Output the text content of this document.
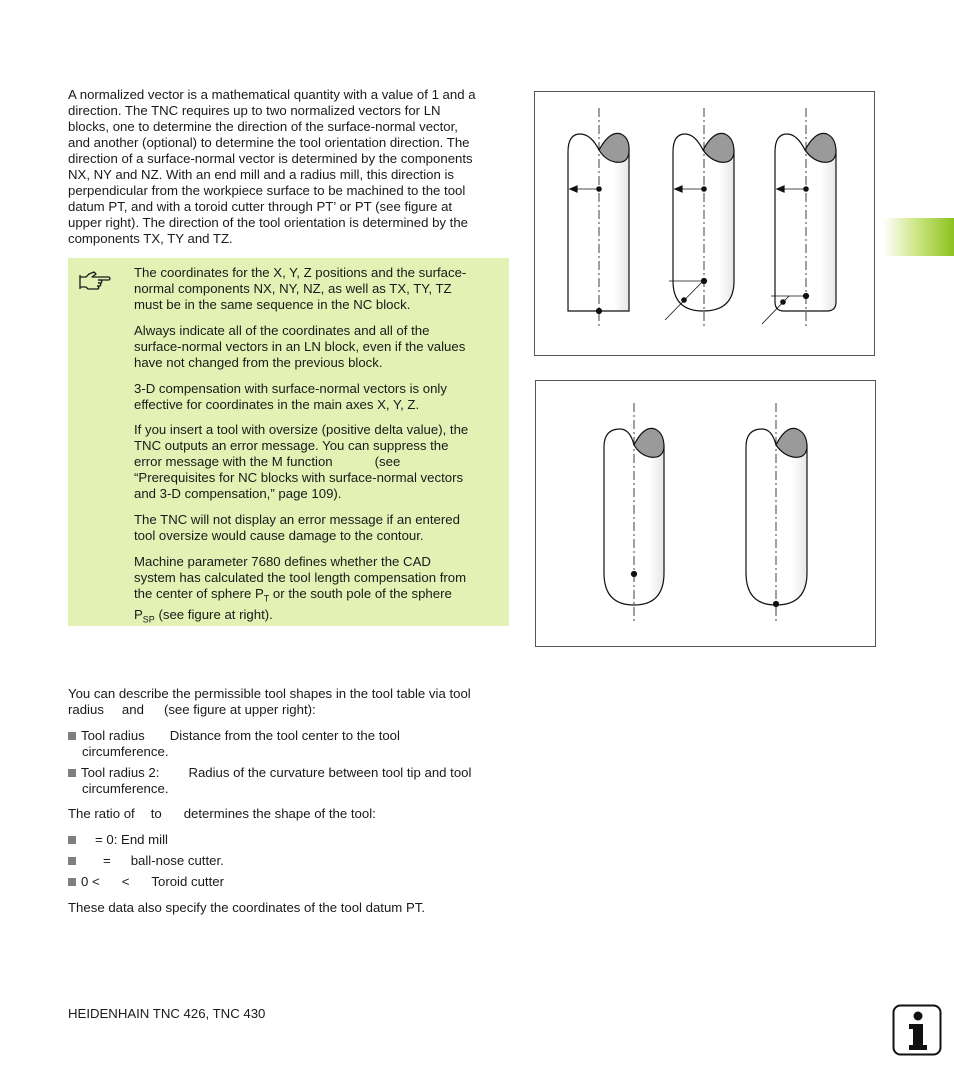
A normalized vector is a mathematical quantity with a value of 1 and a
direction. The TNC requires up to two normalized vectors for LN
blocks, one to determine the direction of the surface-normal vector,
and another (optional) to determine the tool orientation direction. The
direction of a surface-normal vector is determined by the components
NX, NY and NZ. With an end mill and a radius mill, this direction is
perpendicular from the workpiece surface to be machined to the tool
datum PT, and with a toroid cutter through PT’ or PT (see figure at
upper right). The direction of the tool orientation is determined by the
components TX, TY and TZ.

The coordinates for the X, Y, Z positions and the surface-
normal components NX, NY, NZ, as well as TX, TY, TZ
must be in the same sequence in the NC block.

Always indicate all of the coordinates and all of the
surface-normal vectors in an LN block, even if the values
have not changed from the previous block.

3-D compensation with surface-normal vectors is only
effective for coordinates in the main axes X, Y, Z.

If you insert a tool with oversize (positive delta value), the
TNC outputs an error message. You can suppress the
error message with the M function	(see
“Prerequisites for NC blocks with surface-normal vectors
and 3-D compensation,” page 109).

The TNC will not display an error message if an entered
tool oversize would cause damage to the contour.

Machine parameter 7680 defines whether the CAD
system has calculated the tool length compensation from
the center of sphere $P_T$ or the south pole of the sphere
$P_{SP}$ (see figure at right).

You can describe the permissible tool shapes in the tool table via tool
radius and (see figure at upper right):
Tool radius Distance from the tool center to the tool
circumference.
Tool radius 2: Radius of the curvature between tool tip and tool
circumference.
The ratio of to determines the shape of the tool:
= 0: End mill
= ball-nose cutter.
0 < < Toroid cutter
These data also specify the coordinates of the tool datum PT.
HEIDENHAIN TNC 426, TNC 430
